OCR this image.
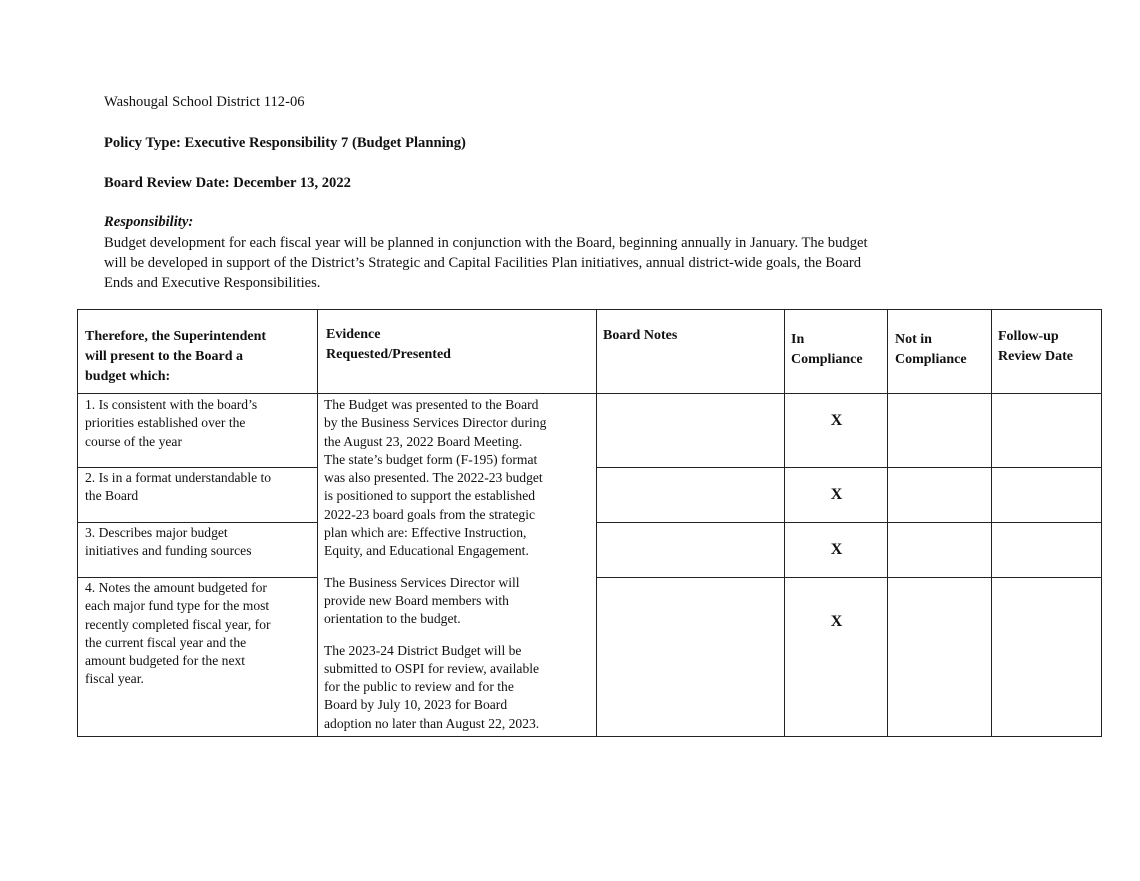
Washougal School District 112-06
Policy Type: Executive Responsibility 7 (Budget Planning)
Board Review Date: December 13, 2022
Responsibility:
Budget development for each fiscal year will be planned in conjunction with the Board, beginning annually in January. The budget
will be developed in support of the District’s Strategic and Capital Facilities Plan initiatives, annual district-wide goals, the Board
Ends and Executive Responsibilities.
Therefore, the Superintendent
will present to the Board a
budget which:
Evidence
Requested/Presented
Board Notes	In
Compliance
Not in
Compliance
Follow-up
Review Date
1. Is consistent with the board’s
priorities established over the
course of the year
2. Is in a format understandable to
the Board
3. Describes major budget
initiatives and funding sources
4. Notes the amount budgeted for
each major fund type for the most
recently completed fiscal year, for
the current fiscal year and the
amount budgeted for the next
fiscal year.
The Budget was presented to the Board
by the Business Services Director during
the August 23, 2022 Board Meeting.
The state’s budget form (F-195) format
was also presented. The 2022-23 budget
is positioned to support the established
2022-23 board goals from the strategic
plan which are: Effective Instruction,
Equity, and Educational Engagement.
The Business Services Director will
provide new Board members with
orientation to the budget.
The 2023-24 District Budget will be
submitted to OSPI for review, available
for the public to review and for the
Board by July 10, 2023 for Board
adoption no later than August 22, 2023.
X
X
X
X
